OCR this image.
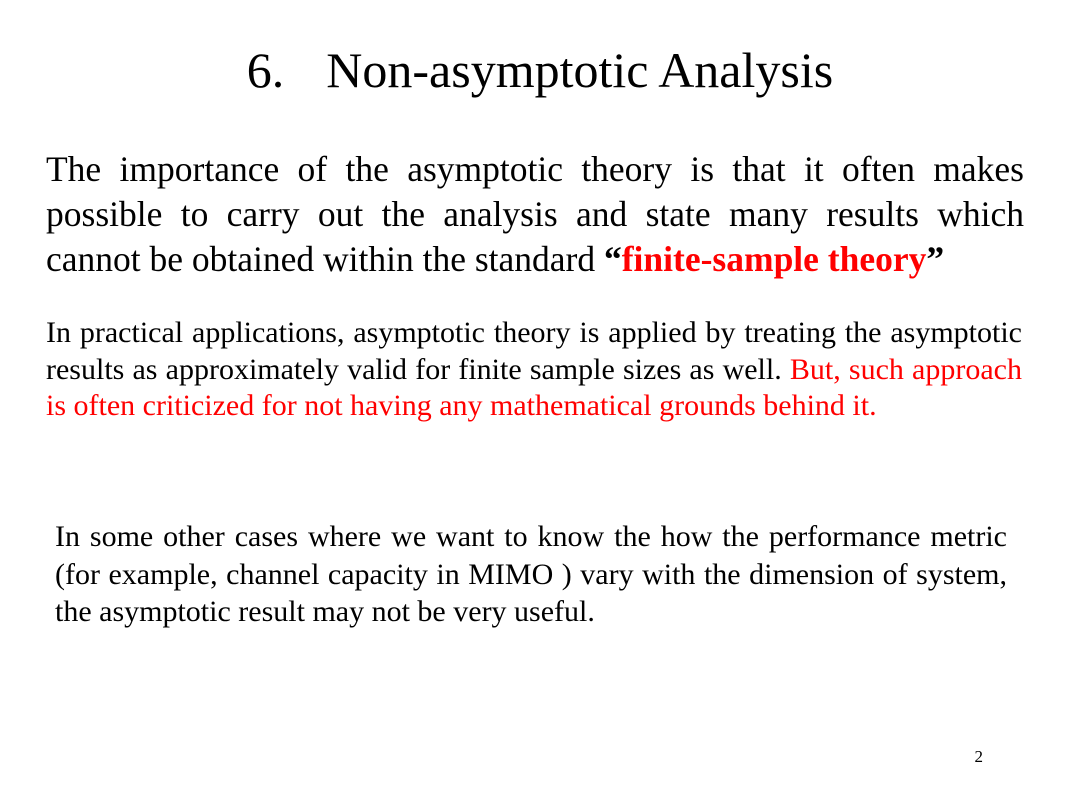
6. Non-asymptotic Analysis

The importance of the asymptotic theory is that it often makes possible to carry out the analysis and state many results which cannot be obtained within the standard “finite-sample theory”

In practical applications, asymptotic theory is applied by treating the asymptotic results as approximately valid for finite sample sizes as well. But, such approach is often criticized for not having any mathematical grounds behind it.

In some other cases where we want to know the how the performance metric (for example, channel capacity in MIMO ) vary with the dimension of system, the asymptotic result may not be very useful.

2
